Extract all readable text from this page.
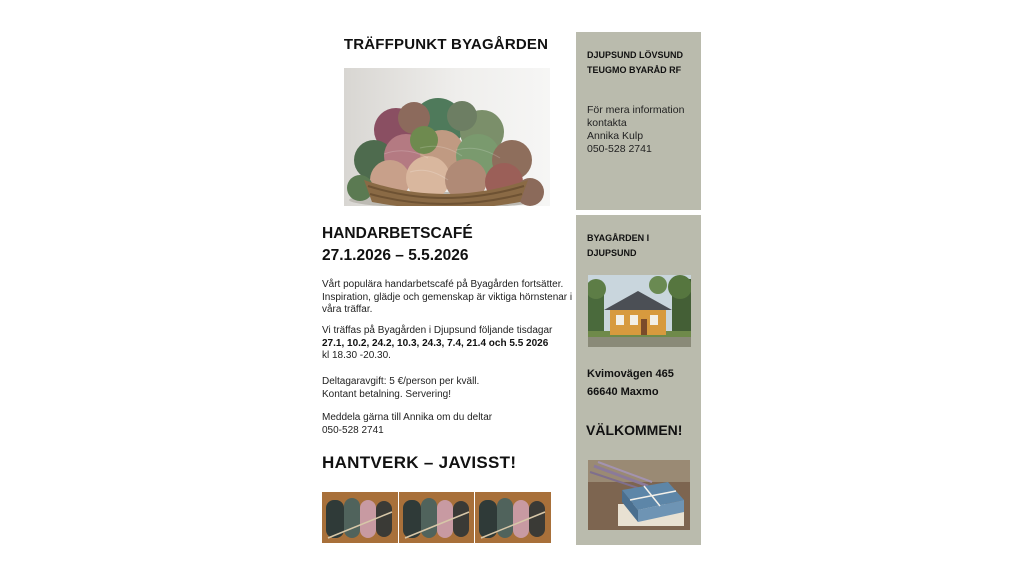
TRÄFFPUNKT BYAGÅRDEN
HANDARBETSCAFÉ
27.1.2026 – 5.5.2026
Vårt populära handarbetscafé på Byagården fortsätter. Inspiration, glädje och gemenskap är viktiga hörnstenar i våra träffar.
Vi träffas på Byagården i Djupsund följande tisdagar
27.1, 10.2, 24.2, 10.3, 24.3, 7.4, 21.4 och 5.5 2026
kl 18.30 -20.30.
Deltagaravgift: 5 €/person per kväll.
Kontant betalning. Servering!
Meddela gärna till Annika om du deltar
050-528 2741
HANTVERK – JAVISST!
DJUPSUND LÖVSUND
TEUGMO BYARÅD RF
För mera information
kontakta
Annika Kulp
050-528 2741
BYAGÅRDEN I
DJUPSUND
Kvimovägen 465
66640 Maxmo
VÄLKOMMEN!
